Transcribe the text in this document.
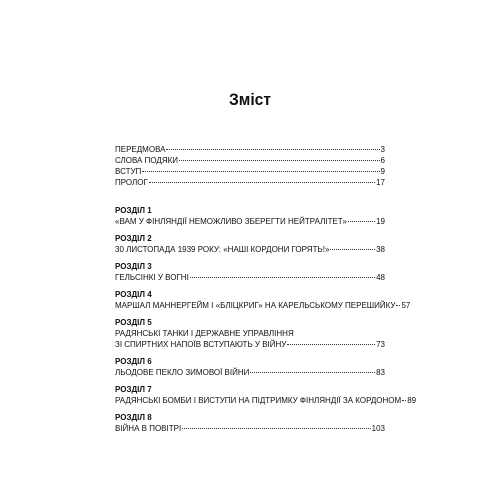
Зміст
ПЕРЕДМОВА	3
СЛОВА ПОДЯКИ	6
ВСТУП	9
ПРОЛОГ	17
РОЗДІЛ 1
«ВАМ У ФІНЛЯНДІЇ НЕМОЖЛИВО ЗБЕРЕГТИ НЕЙТРАЛІТЕТ»	19
РОЗДІЛ 2
30 ЛИСТОПАДА 1939 РОКУ: «НАШІ КОРДОНИ ГОРЯТЬ!»	38
РОЗДІЛ 3
ГЕЛЬСІНКІ У ВОГНІ	48
РОЗДІЛ 4
МАРШАЛ МАННЕРГЕЙМ І «БЛІЦКРИГ» НА КАРЕЛЬСЬКОМУ ПЕРЕШИЙКУ 57
РОЗДІЛ 5
РАДЯНСЬКІ ТАНКИ І ДЕРЖАВНЕ УПРАВЛІННЯ
ЗІ СПИРТНИХ НАПОЇВ ВСТУПАЮТЬ У ВІЙНУ	73
РОЗДІЛ 6
ЛЬОДОВЕ ПЕКЛО ЗИМОВОЇ ВІЙНИ	83
РОЗДІЛ 7
РАДЯНСЬКІ БОМБИ І ВИСТУПИ НА ПІДТРИМКУ ФІНЛЯНДІЇ ЗА КОРДОНОМ 89
РОЗДІЛ 8
ВІЙНА В ПОВІТРІ	103
